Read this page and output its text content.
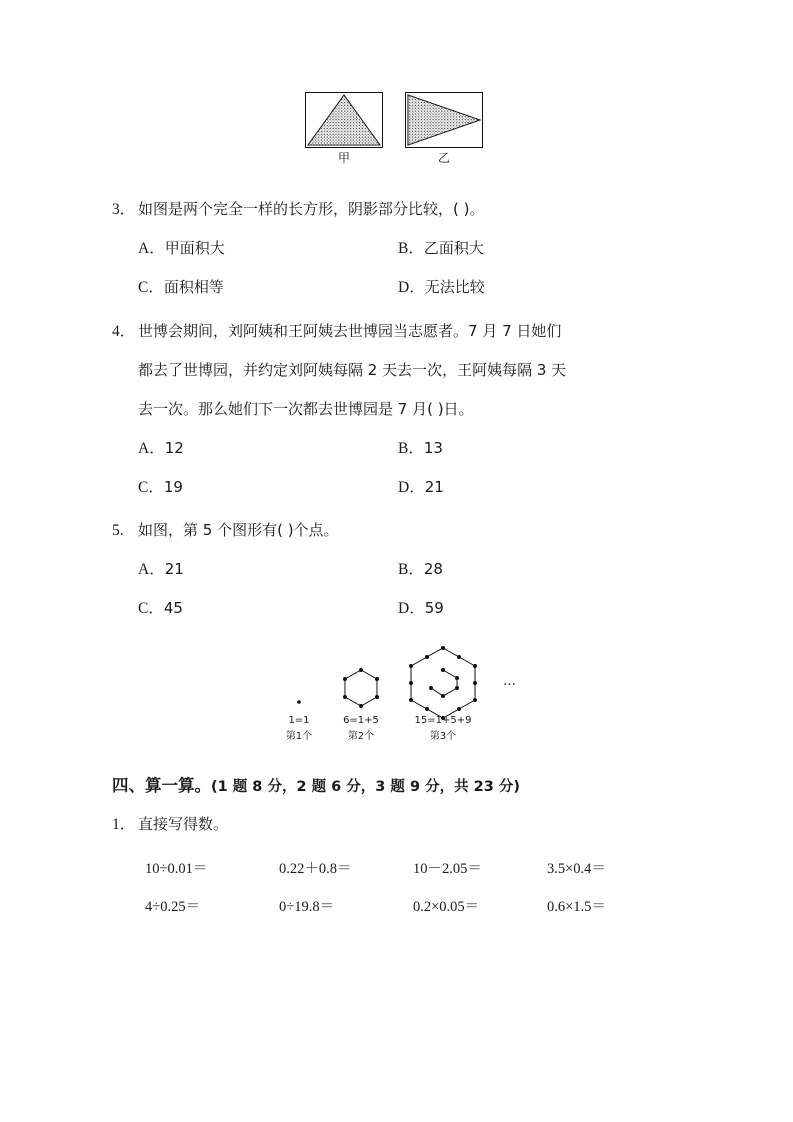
甲	乙
3． 如图是两个完全一样的长方形，阴影部分比较，( )。
A．甲面积大	B．乙面积大
C．面积相等	D．无法比较
4． 世博会期间，刘阿姨和王阿姨去世博园当志愿者。7 月 7 日她们
都去了世博园，并约定刘阿姨每隔 2 天去一次，王阿姨每隔 3 天
去一次。那么她们下一次都去世博园是 7 月( )日。
A．12	B．13
C．19	D．21
5. 如图，第 5 个图形有( )个点。
A．21	B．28
C．45	D．59
1=1
第1个
6=1+5
第2个
15=1+5+9
第3个
…
四、算一算。(1 题 8 分，2 题 6 分，3 题 9 分，共 23 分)
1． 直接写得数。
10÷0.01＝	0.22＋0.8＝	10－2.05＝	3.5×0.4＝
4÷0.25＝	0÷19.8＝	0.2×0.05＝	0.6×1.5＝
